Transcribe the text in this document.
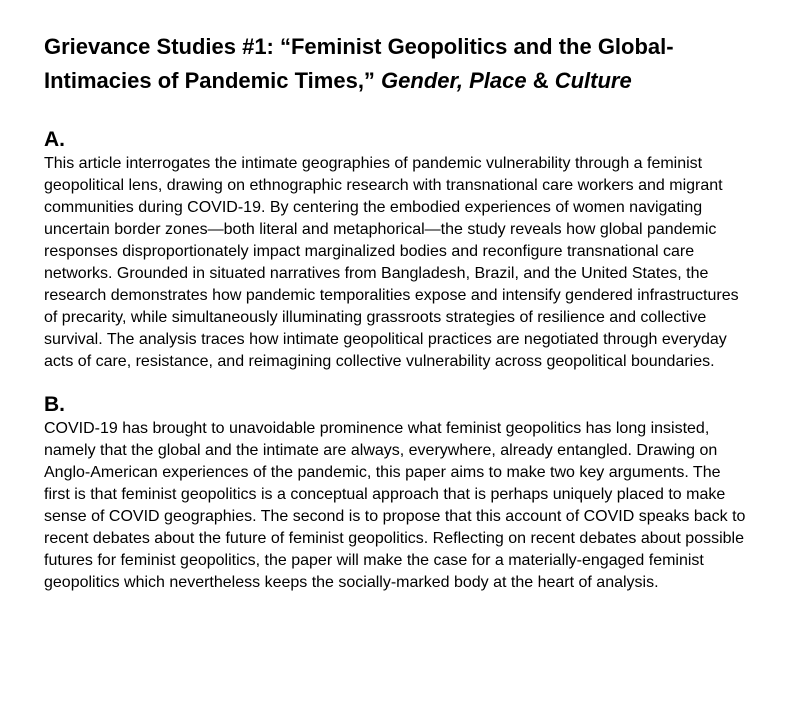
Grievance Studies #1: “Feminist Geopolitics and the Global-Intimacies of Pandemic Times,” Gender, Place & Culture
A.

This article interrogates the intimate geographies of pandemic vulnerability through a feminist geopolitical lens, drawing on ethnographic research with transnational care workers and migrant communities during COVID-19. By centering the embodied experiences of women navigating uncertain border zones—both literal and metaphorical—the study reveals how global pandemic responses disproportionately impact marginalized bodies and reconfigure transnational care networks. Grounded in situated narratives from Bangladesh, Brazil, and the United States, the research demonstrates how pandemic temporalities expose and intensify gendered infrastructures of precarity, while simultaneously illuminating grassroots strategies of resilience and collective survival. The analysis traces how intimate geopolitical practices are negotiated through everyday acts of care, resistance, and reimagining collective vulnerability across geopolitical boundaries.

B.

COVID-19 has brought to unavoidable prominence what feminist geopolitics has long insisted, namely that the global and the intimate are always, everywhere, already entangled. Drawing on Anglo-American experiences of the pandemic, this paper aims to make two key arguments. The first is that feminist geopolitics is a conceptual approach that is perhaps uniquely placed to make sense of COVID geographies. The second is to propose that this account of COVID speaks back to recent debates about the future of feminist geopolitics. Reflecting on recent debates about possible futures for feminist geopolitics, the paper will make the case for a materially-engaged feminist geopolitics which nevertheless keeps the socially-marked body at the heart of analysis.
